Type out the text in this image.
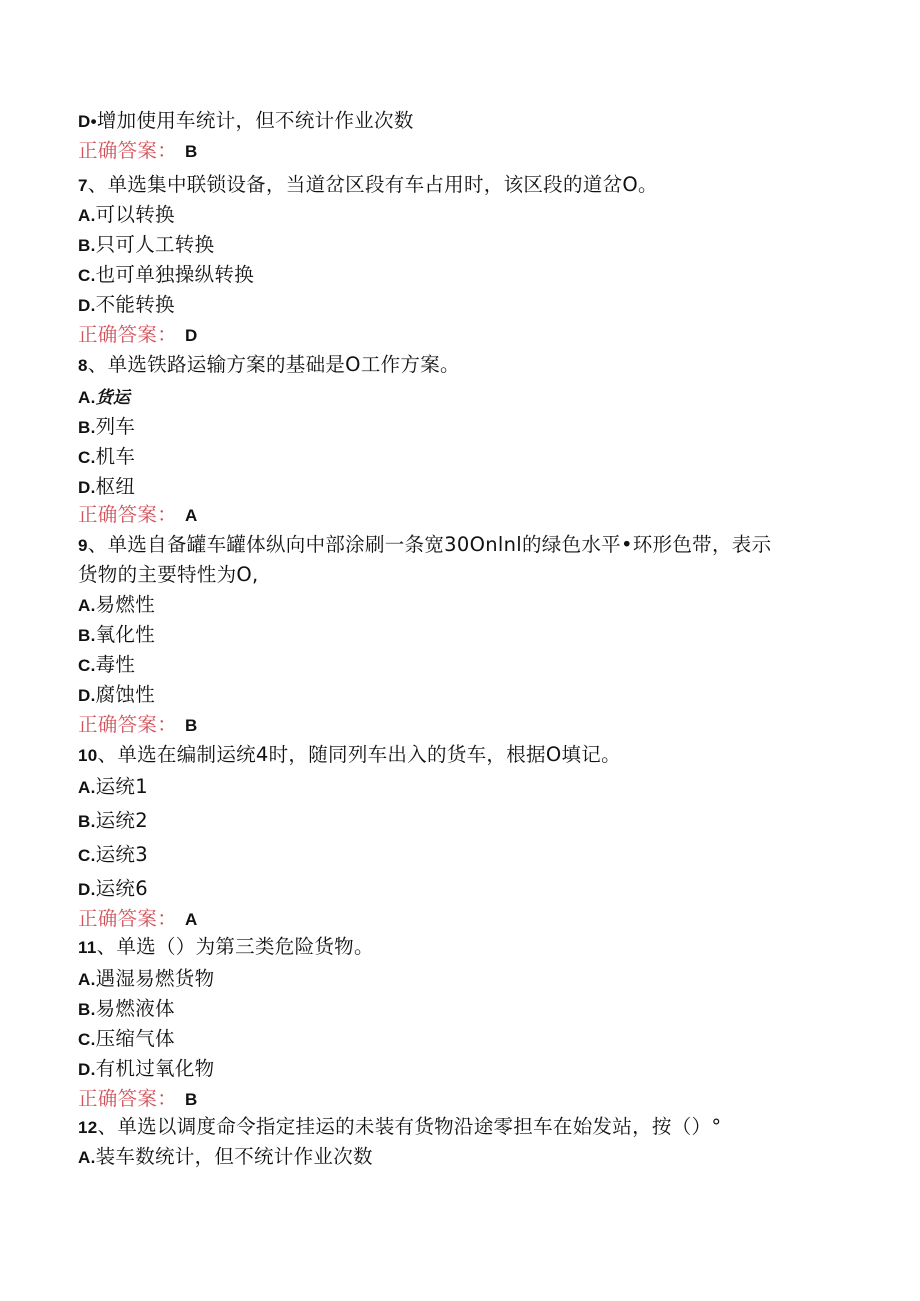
D•增加使用车统计，但不统计作业次数
正确答案： B
7、单选集中联锁设备，当道岔区段有车占用时，该区段的道岔O。
A.可以转换
B.只可人工转换
C.也可单独操纵转换
D.不能转换
正确答案： D
8、单选铁路运输方案的基础是O工作方案。
A.货运
B.列车
C.机车
D.枢纽
正确答案： A
9、单选自备罐车罐体纵向中部涂刷一条宽30Onlnl的绿色水平•环形色带，表示
货物的主要特性为O,
A.易燃性
B.氧化性
C.毒性
D.腐蚀性
正确答案： B
10、单选在编制运统4时，随同列车出入的货车，根据O填记。
A.运统1
B.运统2
C.运统3
D.运统6
正确答案： A
11、单选（）为第三类危险货物。
A.遇湿易燃货物
B.易燃液体
C.压缩气体
D.有机过氧化物
正确答案： B
12、单选以调度命令指定挂运的未装有货物沿途零担车在始发站，按（）°
A.装车数统计，但不统计作业次数
